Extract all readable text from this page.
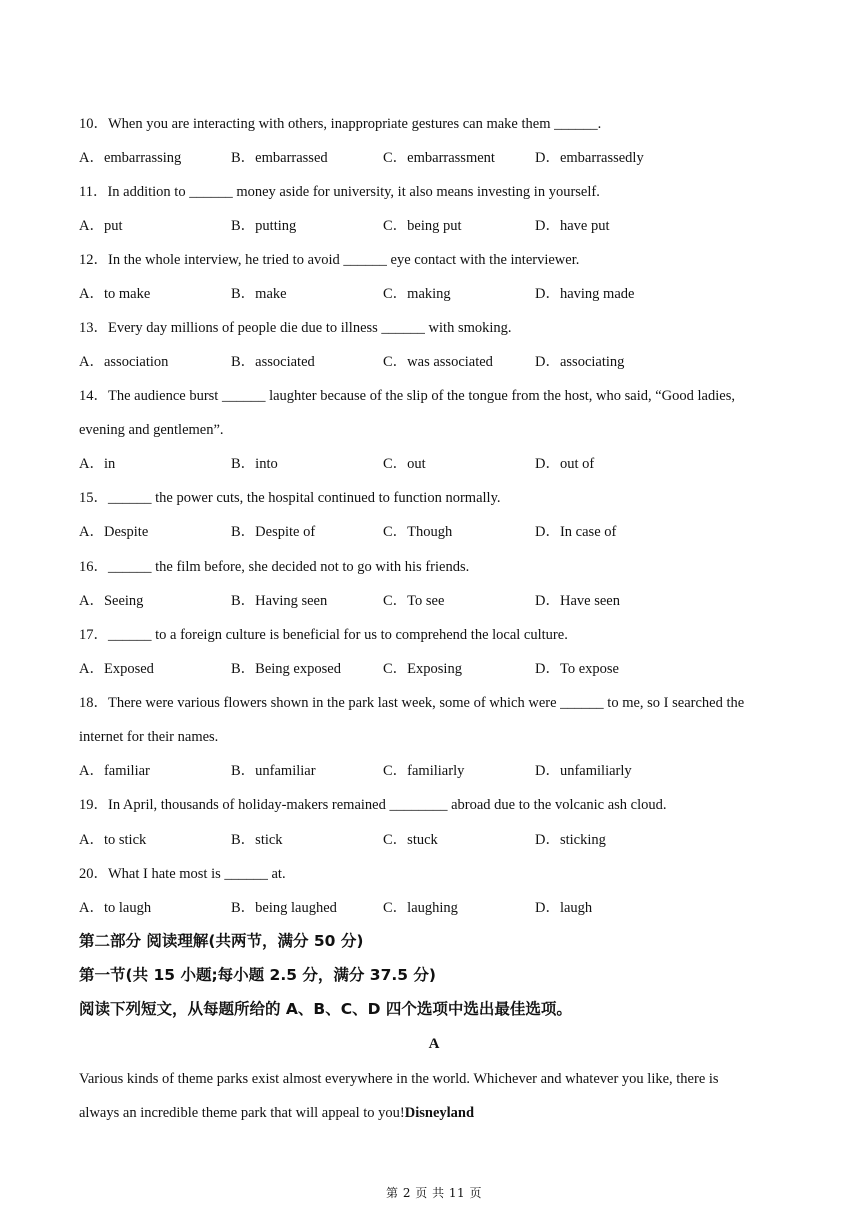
10．When you are interacting with others, inappropriate gestures can make them ______.
A．embarrassing	B．embarrassed	C．embarrassment	D．embarrassedly
11．In addition to ______ money aside for university, it also means investing in yourself.
A．put	B．putting	C．being put	D．have put
12．In the whole interview, he tried to avoid ______ eye contact with the interviewer.
A．to make	B．make	C．making	D．having made
13．Every day millions of people die due to illness ______ with smoking.
A．association	B．associated	C．was associated	D．associating
14．The audience burst ______ laughter because of the slip of the tongue from the host, who said, “Good ladies,
evening and gentlemen”.
A．in	B．into	C．out	D．out of
15．______ the power cuts, the hospital continued to function normally.
A．Despite	B．Despite of	C．Though	D．In case of
16．______ the film before, she decided not to go with his friends.
A．Seeing	B．Having seen	C．To see	D．Have seen
17．______ to a foreign culture is beneficial for us to comprehend the local culture.
A．Exposed	B．Being exposed	C．Exposing	D．To expose
18．There were various flowers shown in the park last week, some of which were ______ to me, so I searched the
internet for their names.
A．familiar	B．unfamiliar	C．familiarly	D．unfamiliarly
19．In April, thousands of holiday-makers remained ________ abroad due to the volcanic ash cloud.
A．to stick	B．stick	C．stuck	D．sticking
20．What I hate most is ______ at.
A．to laugh	B．being laughed	C．laughing	D．laugh
第二部分 阅读理解(共两节，满分 50 分)
第一节(共 15 小题;每小题 2.5 分，满分 37.5 分)
阅读下列短文，从每题所给的 A、B、C、D 四个选项中选出最佳选项。
A
Various kinds of theme parks exist almost everywhere in the world. Whichever and whatever you like, there is
always an incredible theme park that will appeal to you!Disneyland
第 2 页 共 11 页
